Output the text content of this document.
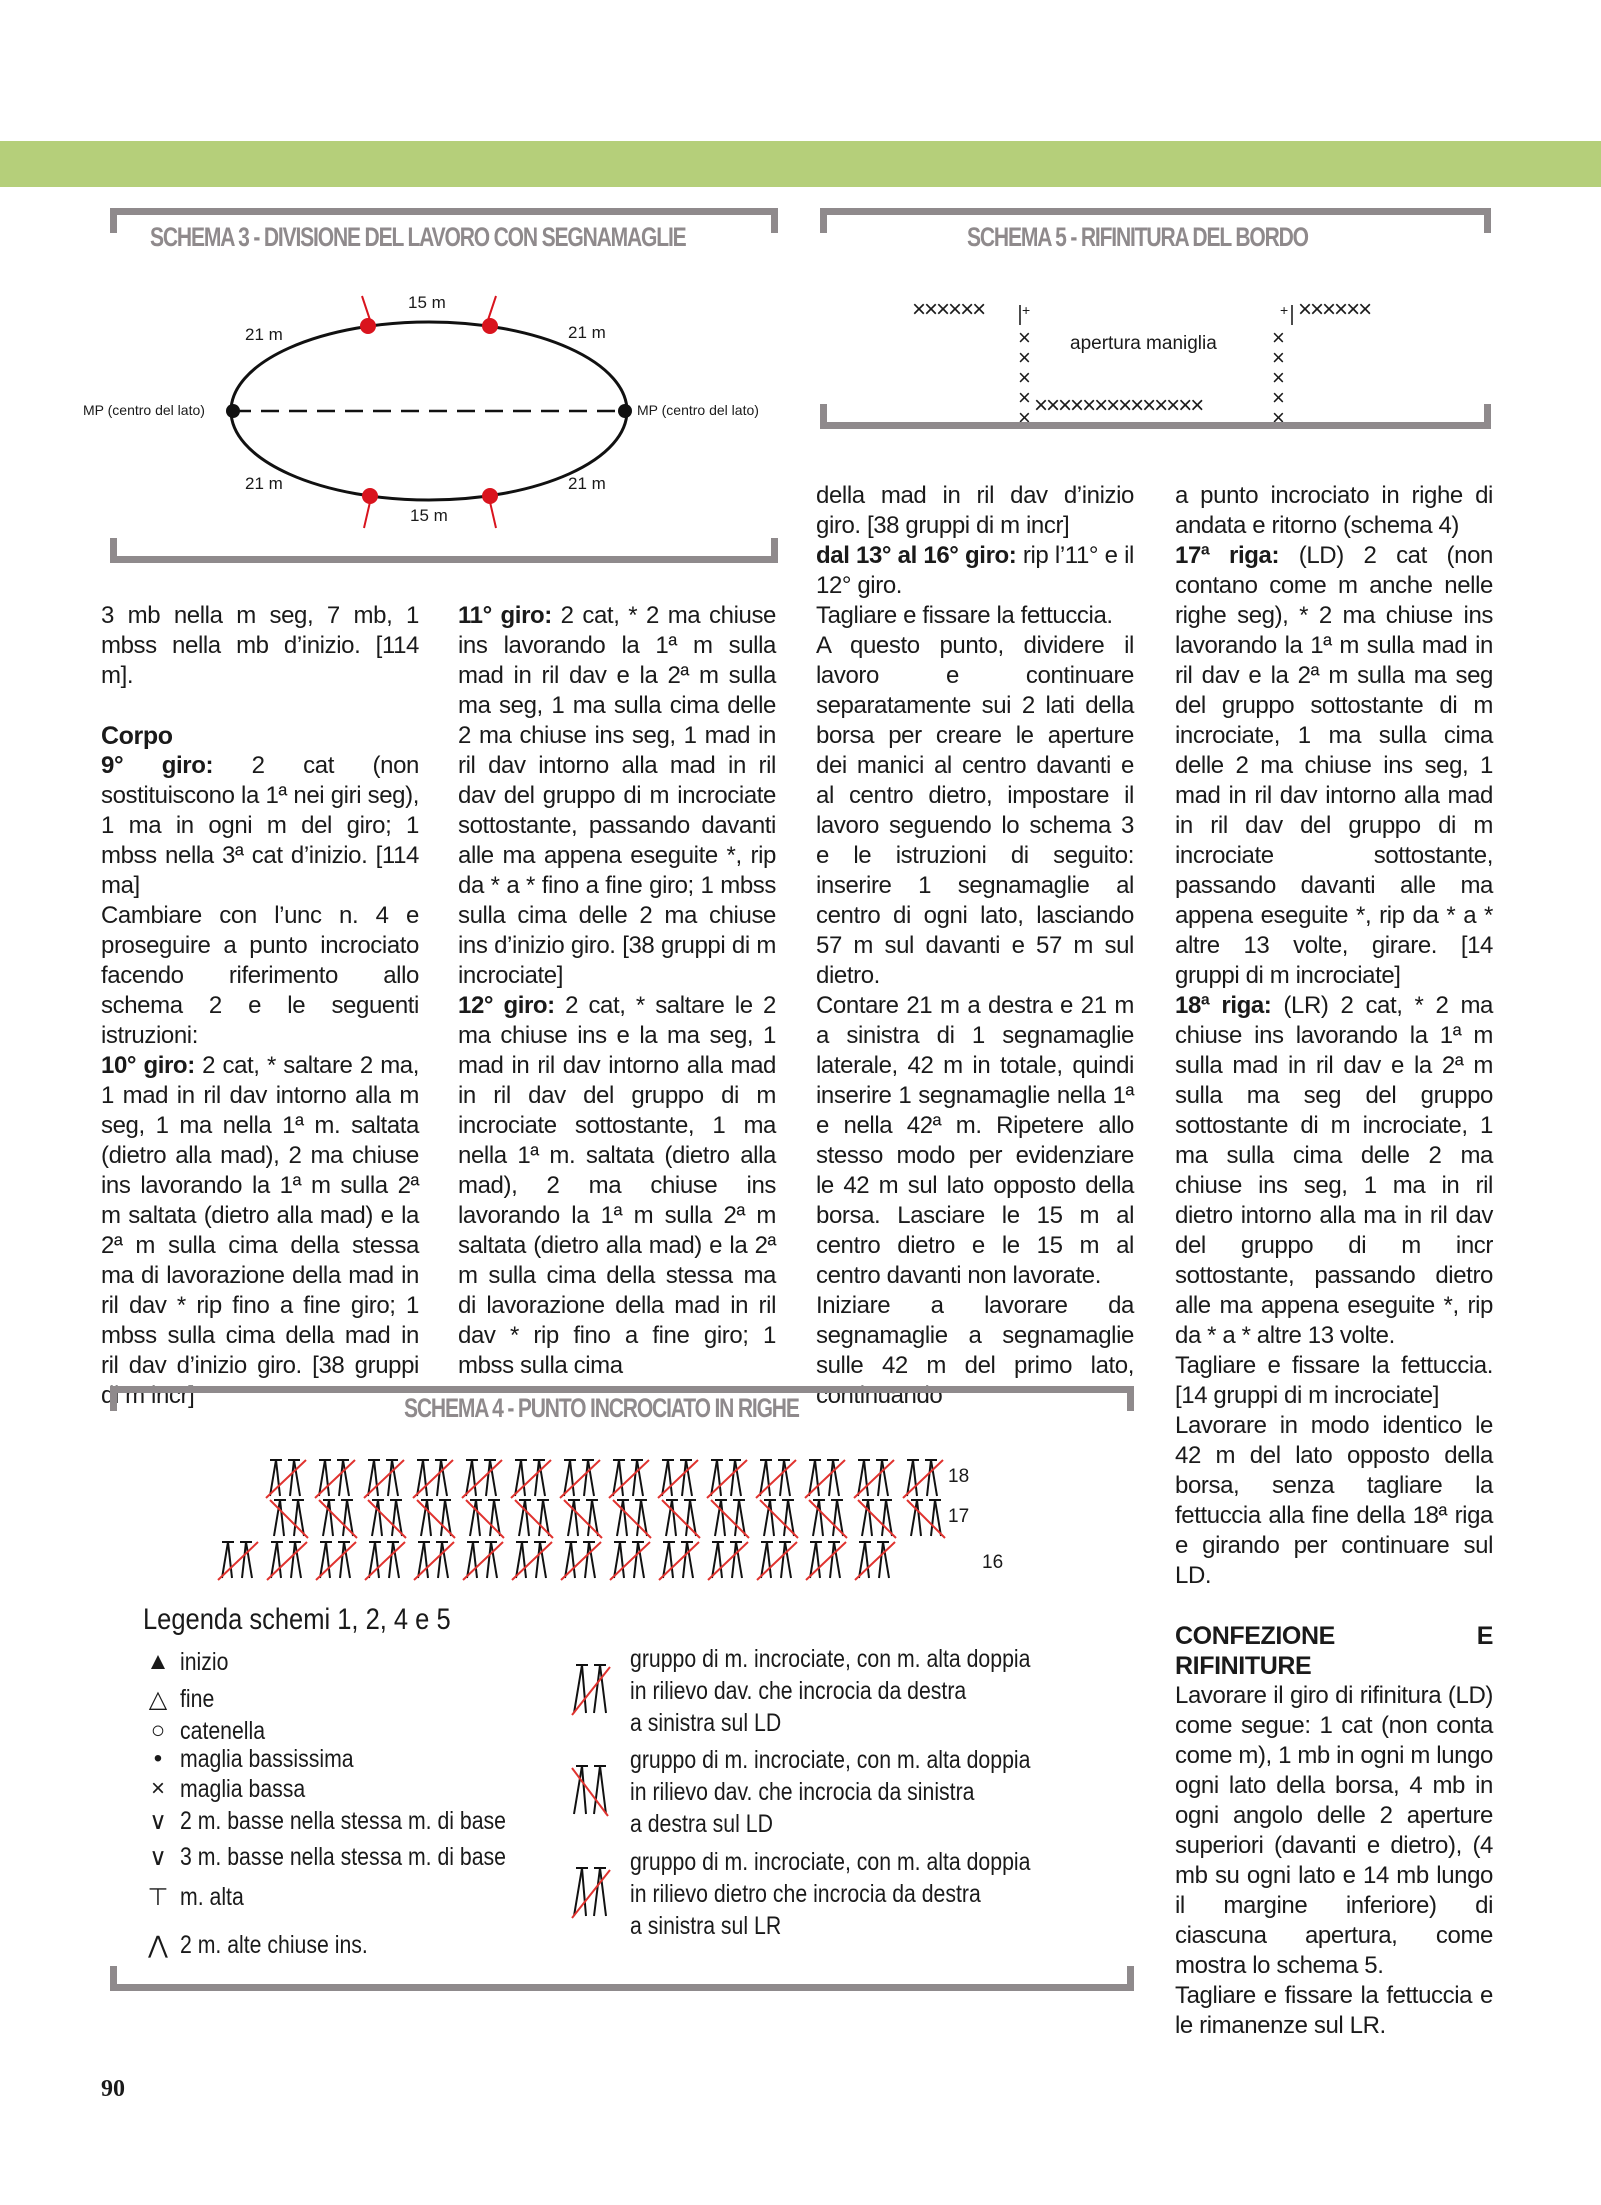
SCHEMA 3 - DIVISIONE DEL LAVORO CON SEGNAMAGLIE
15 m
21 m	21 m
21 m	21 m
15 m
MP (centro del lato)	MP (centro del lato)
SCHEMA 5 - RIFINITURA DEL BORDO
××××××	××××××
+	+
×××××
×××××
apertura maniglia
××××××××××××××

3 mb nella m seg, 7 mb, 1 mbss nella mb d’inizio. [114 m].

Corpo

9° giro: 2 cat (non sostituiscono la 1ª nei giri seg), 1 ma in ogni m del giro; 1 mbss nella 3ª cat d’inizio. [114 ma]

Cambiare con l’unc n. 4 e proseguire a punto incrociato facendo riferimento allo schema 2 e le seguenti istruzioni:

10° giro: 2 cat, * saltare 2 ma, 1 mad in ril dav intorno alla m seg, 1 ma nella 1ª m. saltata (dietro alla mad), 2 ma chiuse ins lavorando la 1ª m sulla 2ª m saltata (dietro alla mad) e la 2ª m sulla cima della stessa ma di lavorazione della mad in ril dav * rip fino a fine giro; 1 mbss sulla cima della mad in ril dav d’inizio giro. [38 gruppi di m incr]

11° giro: 2 cat, * 2 ma chiuse ins lavorando la 1ª m sulla mad in ril dav e la 2ª m sulla ma seg, 1 ma sulla cima delle 2 ma chiuse ins seg, 1 mad in ril dav intorno alla mad in ril dav del gruppo di m incrociate sottostante, passando davanti alle ma appena eseguite *, rip da * a * fino a fine giro; 1 mbss sulla cima delle 2 ma chiuse ins d’inizio giro. [38 gruppi di m incrociate]

12° giro: 2 cat, * saltare le 2 ma chiuse ins e la ma seg, 1 mad in ril dav intorno alla mad in ril dav del gruppo di m incrociate sottostante, 1 ma nella 1ª m. saltata (dietro alla mad), 2 ma chiuse ins lavorando la 1ª m sulla 2ª m saltata (dietro alla mad) e la 2ª m sulla cima della stessa ma di lavorazione della mad in ril dav * rip fino a fine giro; 1 mbss sulla cima

della mad in ril dav d’inizio giro. [38 gruppi di m incr]

dal 13° al 16° giro: rip l’11° e il 12° giro.

Tagliare e fissare la fettuccia.

A questo punto, dividere il lavoro e continuare separatamente sui 2 lati della borsa per creare le aperture dei manici al centro davanti e al centro dietro, impostare il lavoro seguendo lo schema 3 e le istruzioni di seguito: inserire 1 segnamaglie al centro di ogni lato, lasciando 57 m sul davanti e 57 m sul dietro.

Contare 21 m a destra e 21 m a sinistra di 1 segnamaglie laterale, 42 m in totale, quindi inserire 1 segnamaglie nella 1ª e nella 42ª m. Ripetere allo stesso modo per evidenziare le 42 m sul lato opposto della borsa. Lasciare le 15 m al centro dietro e le 15 m al centro davanti non lavorate.

Iniziare a lavorare da segnamaglie a segnamaglie sulle 42 m del primo lato, continuando

a punto incrociato in righe di andata e ritorno (schema 4)

17ª riga: (LD) 2 cat (non contano come m anche nelle righe seg), * 2 ma chiuse ins lavorando la 1ª m sulla mad in ril dav e la 2ª m sulla ma seg del gruppo sottostante di m incrociate, 1 ma sulla cima delle 2 ma chiuse ins seg, 1 mad in ril dav intorno alla mad in ril dav del gruppo di m incrociate sottostante, passando davanti alle ma appena eseguite *, rip da * a * altre 13 volte, girare. [14 gruppi di m incrociate]

18ª riga: (LR) 2 cat, * 2 ma chiuse ins lavorando la 1ª m sulla mad in ril dav e la 2ª m sulla ma seg del gruppo sottostante di m incrociate, 1 ma sulla cima delle 2 ma chiuse ins seg, 1 ma in ril dietro intorno alla ma in ril dav del gruppo di m incr sottostante, passando dietro alle ma appena eseguite *, rip da * a * altre 13 volte.

Tagliare e fissare la fettuccia. [14 gruppi di m incrociate]

Lavorare in modo identico le 42 m del lato opposto della borsa, senza tagliare la fettuccia alla fine della 18ª riga e girando per continuare sul LD.

CONFEZIONE E RIFINITURE

Lavorare il giro di rifinitura (LD) come segue: 1 cat (non conta come m), 1 mb in ogni m lungo ogni lato della borsa, 4 mb in ogni angolo delle 2 aperture superiori (davanti e dietro), (4 mb su ogni lato e 14 mb lungo il margine inferiore) di ciascuna apertura, come mostra lo schema 5.

Tagliare e fissare la fettuccia e le rimanenze sul LR.

SCHEMA 4 - PUNTO INCROCIATO IN RIGHE
18
17
16
Legenda schemi 1, 2, 4 e 5
▲ inizio
△ fine
○ catenella
• maglia bassissima
× maglia bassa
∨ 2 m. basse nella stessa m. di base
∨ 3 m. basse nella stessa m. di base
⊤ m. alta
⋀ 2 m. alte chiuse ins.
gruppo di m. incrociate, con m. alta doppia
in rilievo dav. che incrocia da destra
a sinistra sul LD
gruppo di m. incrociate, con m. alta doppia
in rilievo dav. che incrocia da sinistra
a destra sul LD
gruppo di m. incrociate, con m. alta doppia
in rilievo dietro che incrocia da destra
a sinistra sul LR
90
